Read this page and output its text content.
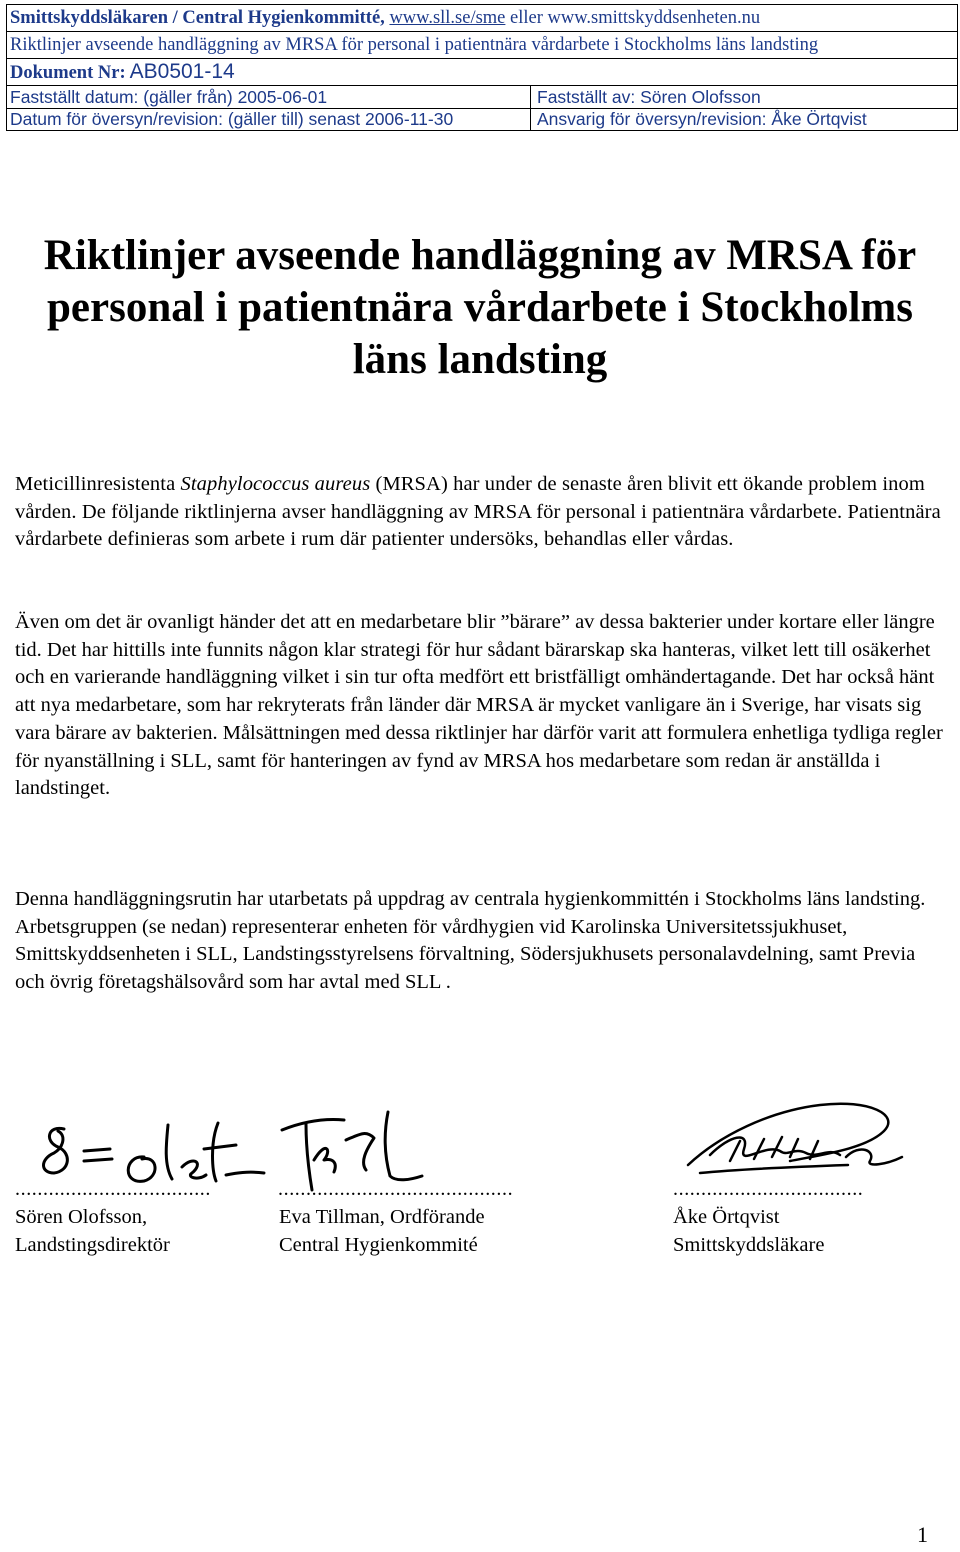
Smittskyddsläkaren / Central Hygienkommitté, www.sll.se/sme eller www.smittskyddsenheten.nu
Riktlinjer avseende handläggning av MRSA för personal i patientnära vårdarbete i Stockholms läns landsting
Dokument Nr: AB0501-14
Fastställt datum: (gäller från) 2005-06-01	Fastställt av: Sören Olofsson
Datum för översyn/revision: (gäller till) senast 2006-11-30	Ansvarig för översyn/revision: Åke Örtqvist
Riktlinjer avseende handläggning av MRSA för
personal i patientnära vårdarbete i Stockholms
läns landsting
Meticillinresistenta Staphylococcus aureus (MRSA) har under de senaste åren blivit ett ökande problem inom vården. De följande riktlinjerna avser handläggning av MRSA för personal i patientnära vårdarbete. Patientnära vårdarbete definieras som arbete i rum där patienter undersöks, behandlas eller vårdas.
Även om det är ovanligt händer det att en medarbetare blir ”bärare” av dessa bakterier under kortare eller längre tid. Det har hittills inte funnits någon klar strategi för hur sådant bärarskap ska hanteras, vilket lett till osäkerhet och en varierande handläggning vilket i sin tur ofta medfört ett bristfälligt omhändertagande. Det har också hänt att nya medarbetare, som har rekryterats från länder där MRSA är mycket vanligare än i Sverige, har visats sig vara bärare av bakterien. Målsättningen med dessa riktlinjer har därför varit att formulera enhetliga tydliga regler för nyanställning i SLL, samt för hanteringen av fynd av MRSA hos medarbetare som redan är anställda i landstinget.
Denna handläggningsrutin har utarbetats på uppdrag av centrala hygienkommittén i Stockholms läns landsting.
Arbetsgruppen (se nedan) representerar enheten för vårdhygien vid Karolinska Universitetssjukhuset, Smittskyddsenheten i SLL, Landstingsstyrelsens förvaltning, Södersjukhusets personalavdelning, samt Previa och övrig företagshälsovård som har avtal med SLL .
...................................	..........................................	..................................
Sören Olofsson,
Landstingsdirektör
Eva Tillman, Ordförande
Central Hygienkommité
Åke Örtqvist
Smittskyddsläkare
1
